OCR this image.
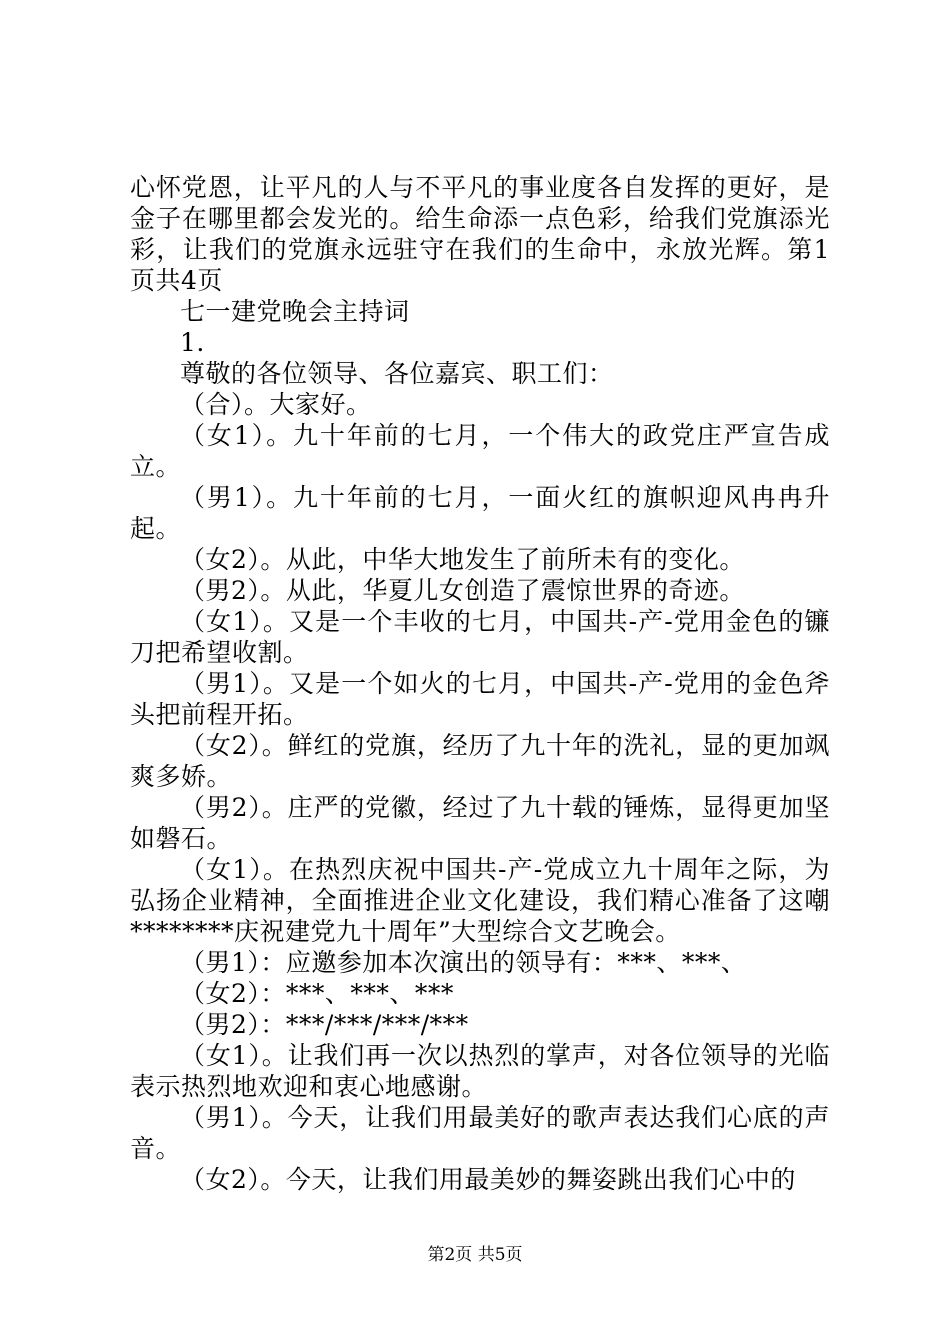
心怀党恩，让平凡的人与不平凡的事业度各自发挥的更好，是金子在哪里都会发光的。给生命添一点色彩，给我们党旗添光彩，让我们的党旗永远驻守在我们的生命中，永放光辉。第1页共4页

七一建党晚会主持词

1.

尊敬的各位领导、各位嘉宾、职工们：

（合）。大家好。

（女1）。九十年前的七月，一个伟大的政党庄严宣告成立。

（男1）。九十年前的七月，一面火红的旗帜迎风冉冉升起。

（女2）。从此，中华大地发生了前所未有的变化。

（男2）。从此，华夏儿女创造了震惊世界的奇迹。

（女1）。又是一个丰收的七月，中国共-产-党用金色的镰刀把希望收割。

（男1）。又是一个如火的七月，中国共-产-党用的金色斧头把前程开拓。

（女2）。鲜红的党旗，经历了九十年的洗礼，显的更加飒爽多娇。

（男2）。庄严的党徽，经过了九十载的锤炼，显得更加坚如磐石。

（女1）。在热烈庆祝中国共-产-党成立九十周年之际，为弘扬企业精神，全面推进企业文化建设，我们精心准备了这嘲********庆祝建党九十周年”大型综合文艺晚会。

（男1）：应邀参加本次演出的领导有：***、***、

（女2）：***、***、***

（男2）：***/***/***/***

（女1）。让我们再一次以热烈的掌声，对各位领导的光临表示热烈地欢迎和衷心地感谢。

（男1）。今天，让我们用最美好的歌声表达我们心底的声音。

（女2）。今天，让我们用最美妙的舞姿跳出我们心中的

第2页 共5页
